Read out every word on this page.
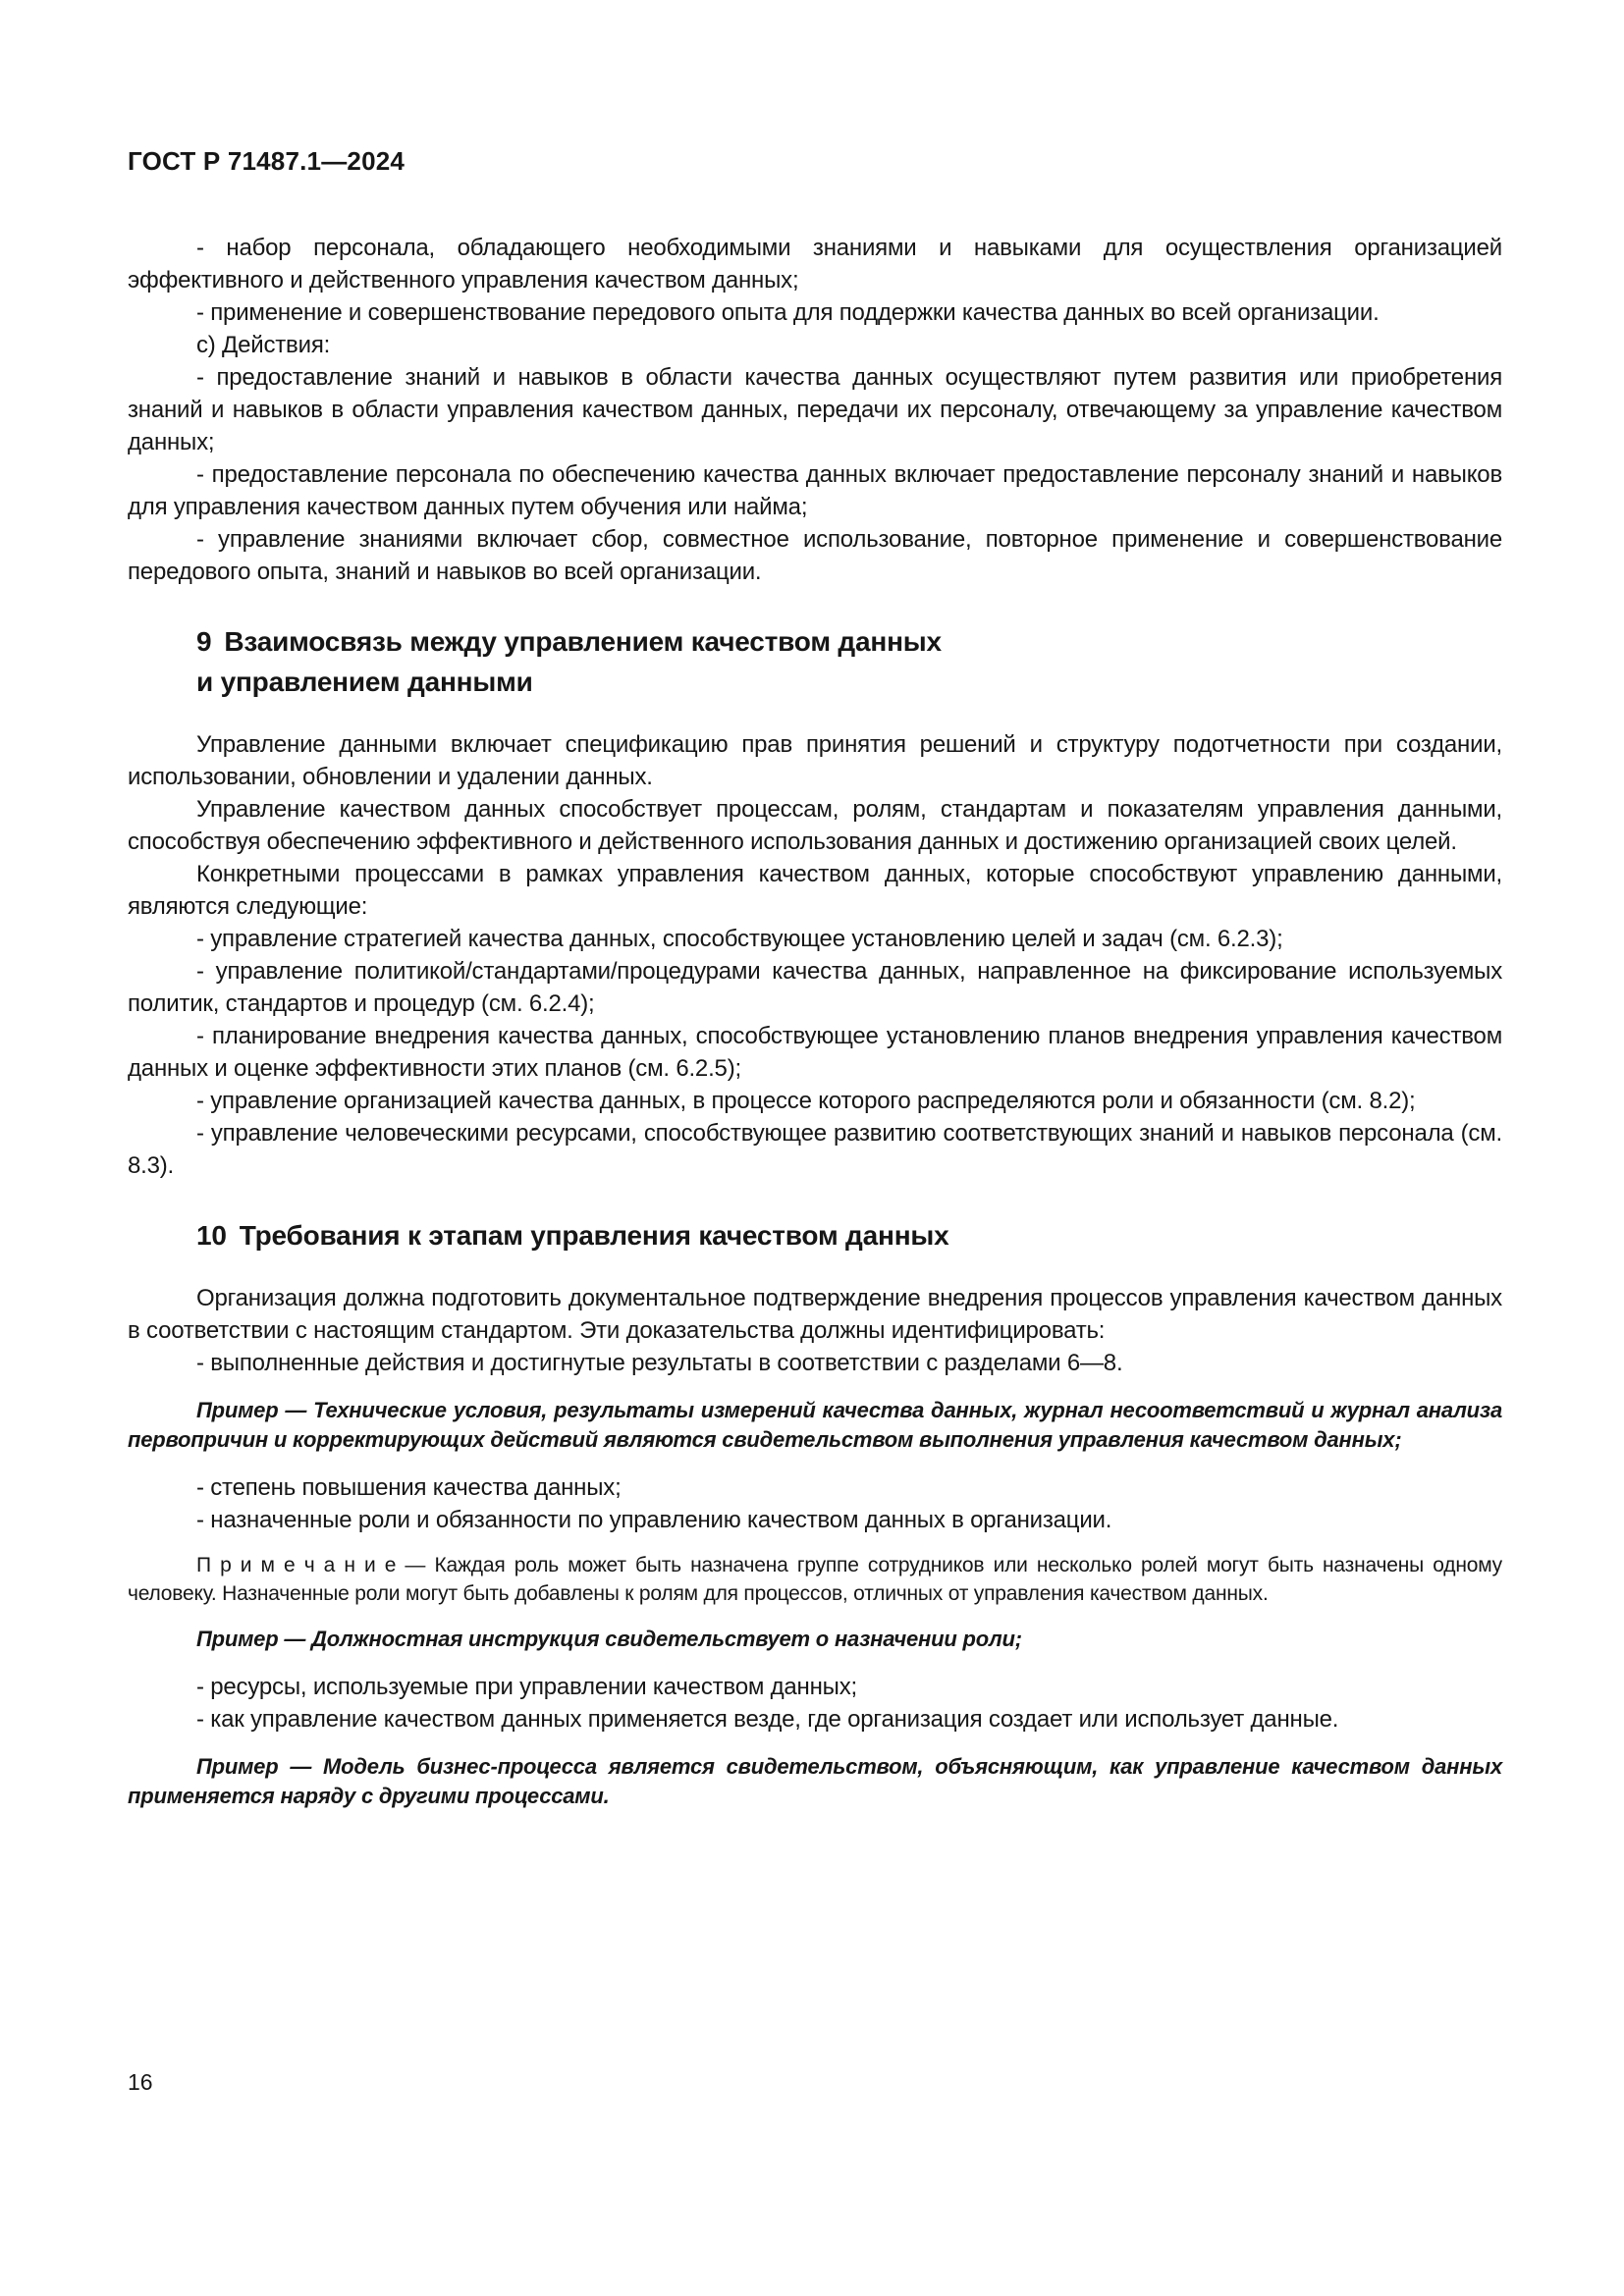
ГОСТ Р 71487.1—2024

- набор персонала, обладающего необходимыми знаниями и навыками для осуществления организацией эффективного и действенного управления качеством данных;

- применение и совершенствование передового опыта для поддержки качества данных во всей организации.

c) Действия:

- предоставление знаний и навыков в области качества данных осуществляют путем развития или приобретения знаний и навыков в области управления качеством данных, передачи их персоналу, отвечающему за управление качеством данных;

- предоставление персонала по обеспечению качества данных включает предоставление персоналу знаний и навыков для управления качеством данных путем обучения или найма;

- управление знаниями включает сбор, совместное использование, повторное применение и совершенствование передового опыта, знаний и навыков во всей организации.

9 Взаимосвязь между управлением качеством данных
и управлением данными

Управление данными включает спецификацию прав принятия решений и структуру подотчетности при создании, использовании, обновлении и удалении данных.

Управление качеством данных способствует процессам, ролям, стандартам и показателям управления данными, способствуя обеспечению эффективного и действенного использования данных и достижению организацией своих целей.

Конкретными процессами в рамках управления качеством данных, которые способствуют управлению данными, являются следующие:

- управление стратегией качества данных, способствующее установлению целей и задач (см. 6.2.3);

- управление политикой/стандартами/процедурами качества данных, направленное на фиксирование используемых политик, стандартов и процедур (см. 6.2.4);

- планирование внедрения качества данных, способствующее установлению планов внедрения управления качеством данных и оценке эффективности этих планов (см. 6.2.5);

- управление организацией качества данных, в процессе которого распределяются роли и обязанности (см. 8.2);

- управление человеческими ресурсами, способствующее развитию соответствующих знаний и навыков персонала (см. 8.3).

10 Требования к этапам управления качеством данных

Организация должна подготовить документальное подтверждение внедрения процессов управления качеством данных в соответствии с настоящим стандартом. Эти доказательства должны идентифицировать:

- выполненные действия и достигнутые результаты в соответствии с разделами 6—8.

Пример — Технические условия, результаты измерений качества данных, журнал несоответствий и журнал анализа первопричин и корректирующих действий являются свидетельством выполнения управления качеством данных;

- степень повышения качества данных;

- назначенные роли и обязанности по управлению качеством данных в организации.

П р и м е ч а н и е — Каждая роль может быть назначена группе сотрудников или несколько ролей могут быть назначены одному человеку. Назначенные роли могут быть добавлены к ролям для процессов, отличных от управления качеством данных.

Пример — Должностная инструкция свидетельствует о назначении роли;

- ресурсы, используемые при управлении качеством данных;

- как управление качеством данных применяется везде, где организация создает или использует данные.

Пример — Модель бизнес-процесса является свидетельством, объясняющим, как управление качеством данных применяется наряду с другими процессами.

16
